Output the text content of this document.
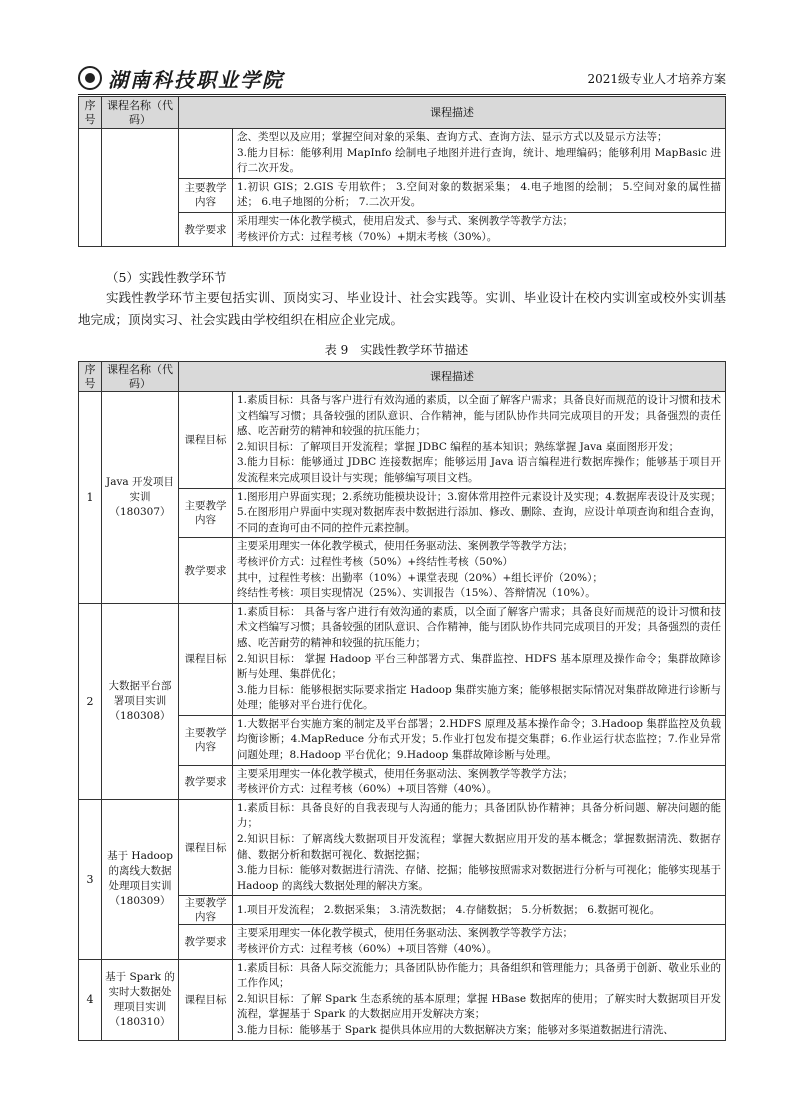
湖南科技职业学院	2021级专业人才培养方案
序号	课程名称（代码）	课程描述	

			念、类型以及应用；掌握空间对象的采集、查询方式、查询方法、显示方式以及显示方法等；
3.能力目标：能够利用 MapInfo 绘制电子地图并进行查询，统计、地理编码；能够利用 MapBasic 进行二次开发。

		主要教学内容	1.初识 GIS；2.GIS 专用软件； 3.空间对象的数据采集； 4.电子地图的绘制； 5.空间对象的属性描述； 6.电子地图的分析； 7.二次开发。

		教学要求	采用理实一体化教学模式，使用启发式、参与式、案例教学等教学方法；
考核评价方式：过程考核（70%）+期末考核（30%）。
（5）实践性教学环节
实践性教学环节主要包括实训、顶岗实习、毕业设计、社会实践等。实训、毕业设计在校内实训室或校外实训基地完成；顶岗实习、社会实践由学校组织在相应企业完成。
表 9　实践性教学环节描述
序号	课程名称（代码）	课程描述	
1	Java 开发项目实训（180307）	课程目标	1.素质目标：具备与客户进行有效沟通的素质，以全面了解客户需求；具备良好而规范的设计习惯和技术文档编写习惯；具备较强的团队意识、合作精神，能与团队协作共同完成项目的开发；具备强烈的责任感、吃苦耐劳的精神和较强的抗压能力；
2.知识目标：了解项目开发流程；掌握 JDBC 编程的基本知识；熟练掌握 Java 桌面图形开发；
3.能力目标：能够通过 JDBC 连接数据库；能够运用 Java 语言编程进行数据库操作；能够基于项目开发流程来完成项目设计与实现；能够编写项目文档。

		主要教学内容	1.图形用户界面实现；2.系统功能模块设计；3.窗体常用控件元素设计及实现；4.数据库表设计及实现；5.在图形用户界面中实现对数据库表中数据进行添加、修改、删除、查询，应设计单项查询和组合查询，不同的查询可由不同的控件元素控制。

		教学要求	主要采用理实一体化教学模式，使用任务驱动法、案例教学等教学方法；
考核评价方式：过程性考核（50%）+终结性考核（50%）
其中，过程性考核：出勤率（10%）+课堂表现（20%）+组长评价（20%）；
终结性考核：项目实现情况（25%）、实训报告（15%）、答辩情况（10%）。

2	大数据平台部署项目实训（180308）	课程目标	1.素质目标： 具备与客户进行有效沟通的素质，以全面了解客户需求；具备良好而规范的设计习惯和技术文档编写习惯；具备较强的团队意识、合作精神，能与团队协作共同完成项目的开发；具备强烈的责任感、吃苦耐劳的精神和较强的抗压能力；
2.知识目标： 掌握 Hadoop 平台三种部署方式、集群监控、HDFS 基本原理及操作命令；集群故障诊断与处理、集群优化；
3.能力目标：能够根据实际要求指定 Hadoop 集群实施方案；能够根据实际情况对集群故障进行诊断与处理；能够对平台进行优化。

		主要教学内容	1.大数据平台实施方案的制定及平台部署；2.HDFS 原理及基本操作命令；3.Hadoop 集群监控及负载均衡诊断；4.MapReduce 分布式开发；5.作业打包发布提交集群；6.作业运行状态监控；7.作业异常问题处理；8.Hadoop 平台优化；9.Hadoop 集群故障诊断与处理。

		教学要求	主要采用理实一体化教学模式，使用任务驱动法、案例教学等教学方法；
考核评价方式：过程考核（60%）+项目答辩（40%）。

3	基于 Hadoop 的离线大数据处理项目实训（180309）	课程目标	1.素质目标：具备良好的自我表现与人沟通的能力；具备团队协作精神；具备分析问题、解决问题的能力；
2.知识目标：了解离线大数据项目开发流程；掌握大数据应用开发的基本概念；掌握数据清洗、数据存储、数据分析和数据可视化、数据挖掘；
3.能力目标：能够对数据进行清洗、存储、挖掘；能够按照需求对数据进行分析与可视化；能够实现基于 Hadoop 的离线大数据处理的解决方案。

		主要教学内容	1.项目开发流程； 2.数据采集； 3.清洗数据； 4.存储数据； 5.分析数据； 6.数据可视化。

		教学要求	主要采用理实一体化教学模式，使用任务驱动法、案例教学等教学方法；
考核评价方式：过程考核（60%）+项目答辩（40%）。

4	基于 Spark 的实时大数据处理项目实训（180310）	课程目标	1.素质目标：具备人际交流能力；具备团队协作能力；具备组织和管理能力；具备勇于创新、敬业乐业的工作作风；
2.知识目标：了解 Spark 生态系统的基本原理；掌握 HBase 数据库的使用；了解实时大数据项目开发流程，掌握基于 Spark 的大数据应用开发解决方案；
3.能力目标：能够基于 Spark 提供具体应用的大数据解决方案；能够对多渠道数据进行清洗、
